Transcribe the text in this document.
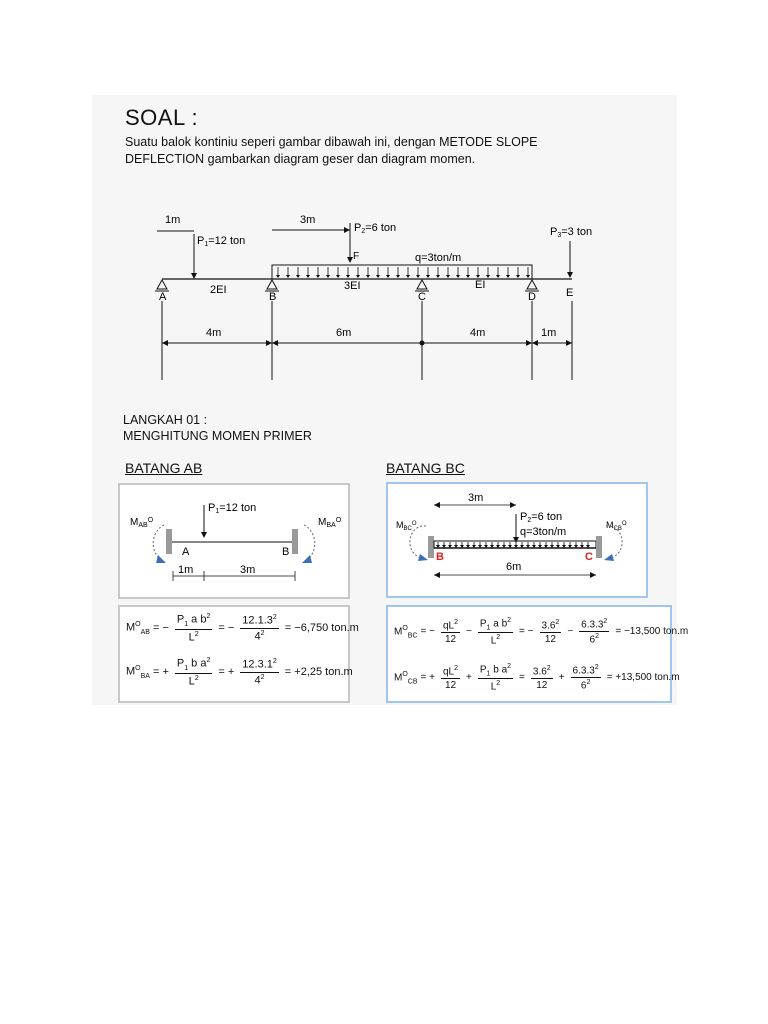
SOAL :
Suatu balok kontiniu seperi gambar dibawah ini, dengan METODE SLOPE
DEFLECTION gambarkan diagram geser dan diagram momen.
1m
P1=12 ton
3m
P2=6 ton
F	q=3ton/m
P3=3 ton
2EI	3EI	EI
A	B	C	D	E
4m	6m	4m	1m
LANGKAH 01 :
MENGHITUNG MOMEN PRIMER
BATANG AB	BATANG BC
$M_{AB}^O$	$M_{BA}^O$
P1=12 ton
A	B
1m	3m
3m
P2=6 ton
q=3ton/m
$M_{BC}^O$	$M_{CB}^O$
B	C
6m
$M^O_{AB}$ = − $\frac{P_1 a b^2}{L^2}$ = − $\frac{12.1.3^2}{4^2} = -6,750$ ton.m
$M^O_{BA}$ = + $\frac{P_1 b a^2}{L^2}$ = + $\frac{12.3.1^2}{4^2} = +2,25$ ton.m
$M^O_{BC}$ = − $\frac{qL^2}{12} - \frac{P_1 a b^2}{L^2}$ = − $\frac{3.6^2}{12} - \frac{6.3.3^2}{6^2} = -13,500$ ton.m
$M^O_{CB}$ = + $\frac{qL^2}{12} + \frac{P_1 b a^2}{L^2} = \frac{3.6^2}{12} + \frac{6.3.3^2}{6^2} = +13,500$ ton.m
